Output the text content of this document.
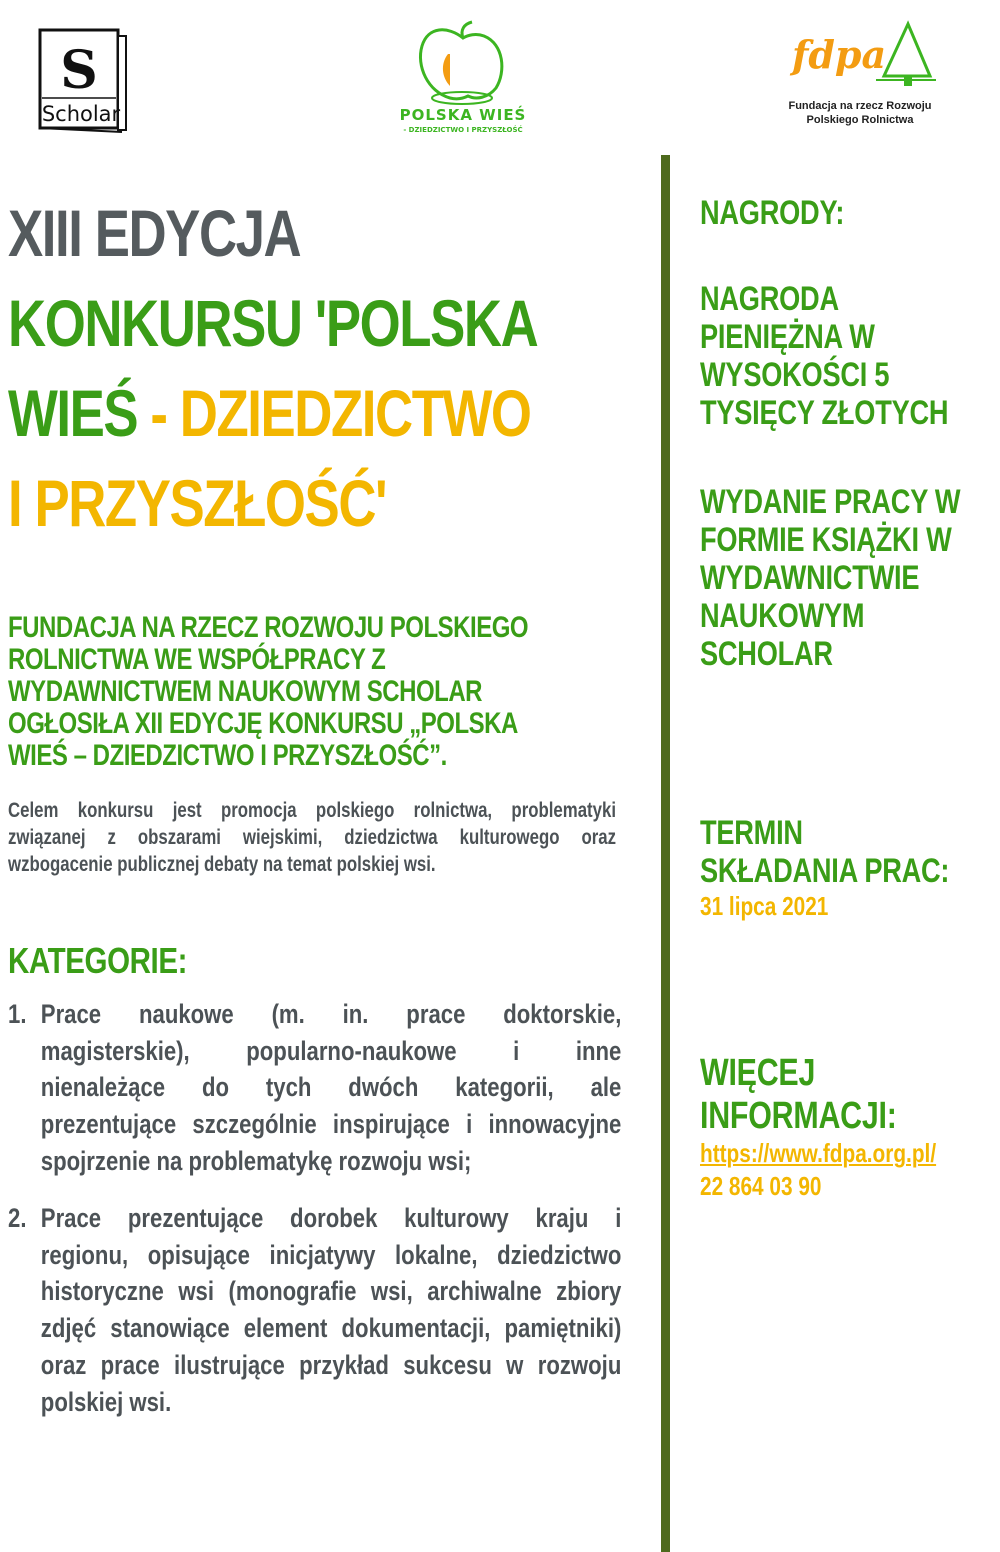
S
Scholar	POLSKA WIEŚ
- DZIEDZICTWO I PRZYSZŁOŚĆ
fdpa
Fundacja na rzecz Rozwoju
Polskiego Rolnictwa
XIII EDYCJA
KONKURSU 'POLSKA
WIEŚ - DZIEDZICTWO
I PRZYSZŁOŚĆ'
FUNDACJA NA RZECZ ROZWOJU POLSKIEGO
ROLNICTWA WE WSPÓŁPRACY Z
WYDAWNICTWEM NAUKOWYM SCHOLAR
OGŁOSIŁA XII EDYCJĘ KONKURSU „POLSKA
WIEŚ – DZIEDZICTWO I PRZYSZŁOŚĆ”.
Celem konkursu jest promocja polskiego rolnictwa, problematyki
związanej z obszarami wiejskimi, dziedzictwa kulturowego oraz
wzbogacenie publicznej debaty na temat polskiej wsi.
KATEGORIE:
1. Prace naukowe (m. in. prace doktorskie,
magisterskie), popularno-naukowe i inne
nienależące do tych dwóch kategorii, ale
prezentujące szczególnie inspirujące i innowacyjne
spojrzenie na problematykę rozwoju wsi;
2. Prace prezentujące dorobek kulturowy kraju i
regionu, opisujące inicjatywy lokalne, dziedzictwo
historyczne wsi (monografie wsi, archiwalne zbiory
zdjęć stanowiące element dokumentacji, pamiętniki)
oraz prace ilustrujące przykład sukcesu w rozwoju
polskiej wsi.
NAGRODY:
NAGRODA
PIENIĘŻNA W
WYSOKOŚCI 5
TYSIĘCY ZŁOTYCH
WYDANIE PRACY W
FORMIE KSIĄŻKI W
WYDAWNICTWIE
NAUKOWYM
SCHOLAR
TERMIN
SKŁADANIA PRAC:
31 lipca 2021
WIĘCEJ
INFORMACJI:
https://www.fdpa.org.pl/
22 864 03 90
